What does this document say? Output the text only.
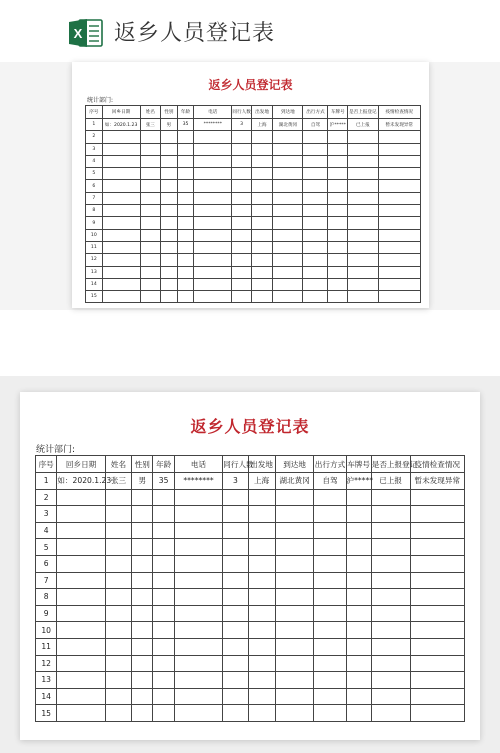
X 返乡人员登记表
返乡人员登记表
统计部门:
序号	回乡日期	姓名	性别	年龄	电话	同行人数	出发地	到达地	出行方式	车牌号	是否上报登记	疫情检查情况
1	如：2020.1.23	张三	男	35	********	3	上海	湖北黄冈	自驾	沪*****	已上报	暂未发现异常
2												
3												
4												
5												
6												
7												
8												
9												
10												
11												
12												
13												
14												
15												
返乡人员登记表
统计部门:
序号	回乡日期	姓名	性别	年龄	电话	同行人数	出发地	到达地	出行方式	车牌号	是否上报登记	疫情检查情况
1	如：2020.1.23	张三	男	35	********	3	上海	湖北黄冈	自驾	沪*****	已上报	暂未发现异常
2												
3												
4												
5												
6												
7												
8												
9												
10												
11												
12												
13												
14												
15												
